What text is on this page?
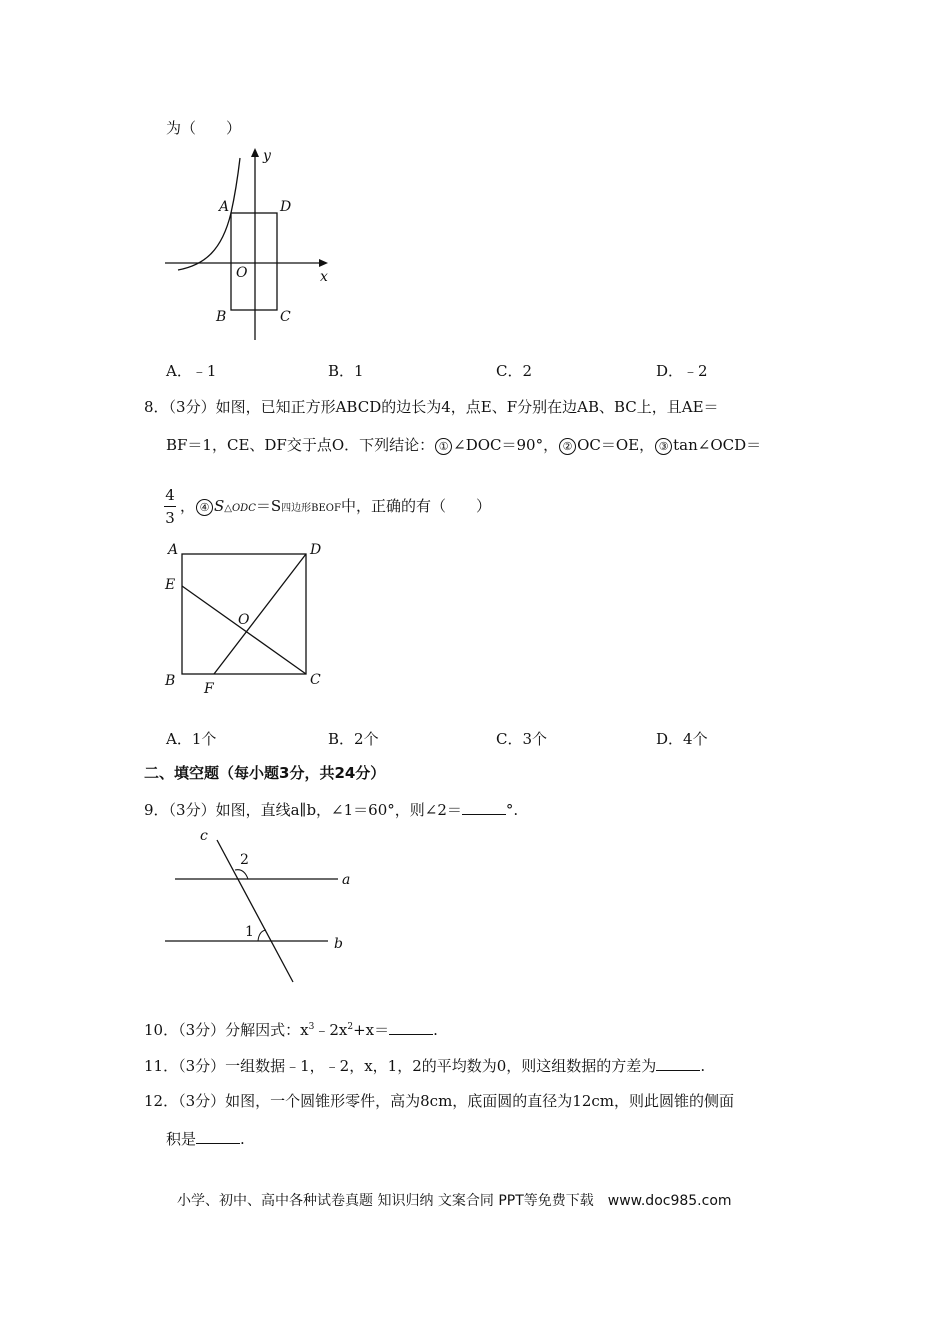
为（　　）
y
x
A	D
O
B	C
A．﹣1	B．1	C．2	D．﹣2
8．（3分）如图，已知正方形ABCD的边长为4，点E、F分别在边AB、BC上，且AE＝
BF＝1，CE、DF交于点O．下列结论： ① ∠DOC＝90°， ② OC＝OE， ③ tan∠OCD＝
4
3
， ④ S△ODC＝S四边形BEOF中，正确的有（　　）
A	D
E
O
B F
C
A．1个	B．2个	C．3个	D．4个
二、填空题（每小题3分，共24分）
9．（3分）如图，直线a∥b，∠1＝60°，则∠2＝	°.
c
2
a
1
b
10．（3分）分解因式：$x^3﹣2x^2+x=$	.
11．（3分）一组数据﹣1，﹣2，x，1，2的平均数为0，则这组数据的方差为	.
12．（3分）如图，一个圆锥形零件，高为8cm，底面圆的直径为12cm，则此圆锥的侧面
积是	.
小学、初中、高中各种试卷真题 知识归纳 文案合同 PPT等免费下载　www.doc985.com
